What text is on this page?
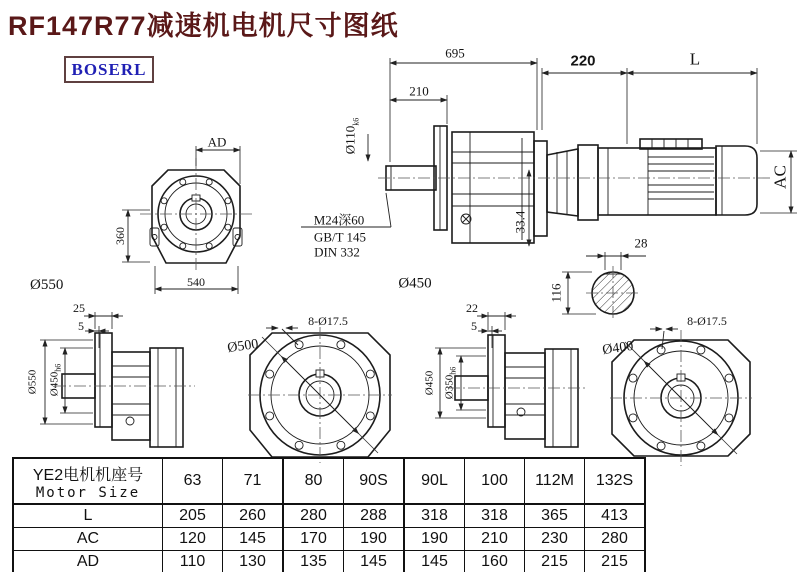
RF147R77减速机电机尺寸图纸
BOSERL
695
210
220	L
AC
$Ø110_{k6}$
M24深60
GB/T 145
DIN 332
33.4
Ø450
AD
360
540
Ø550
28
116
25
5
Ø550 $Ø450_{h6}$
Ø500
8-Ø17.5
22
5
Ø450 $Ø350_{h6}$
Ø400
8-Ø17.5
YE2电机机座号
Motor Size	63	71	80	90S	90L	100	112M	132S
L	205	260	280	288	318	318	365	413
AC	120	145	170	190	190	210	230	280
AD	110	130	135	145	145	160	215	215
